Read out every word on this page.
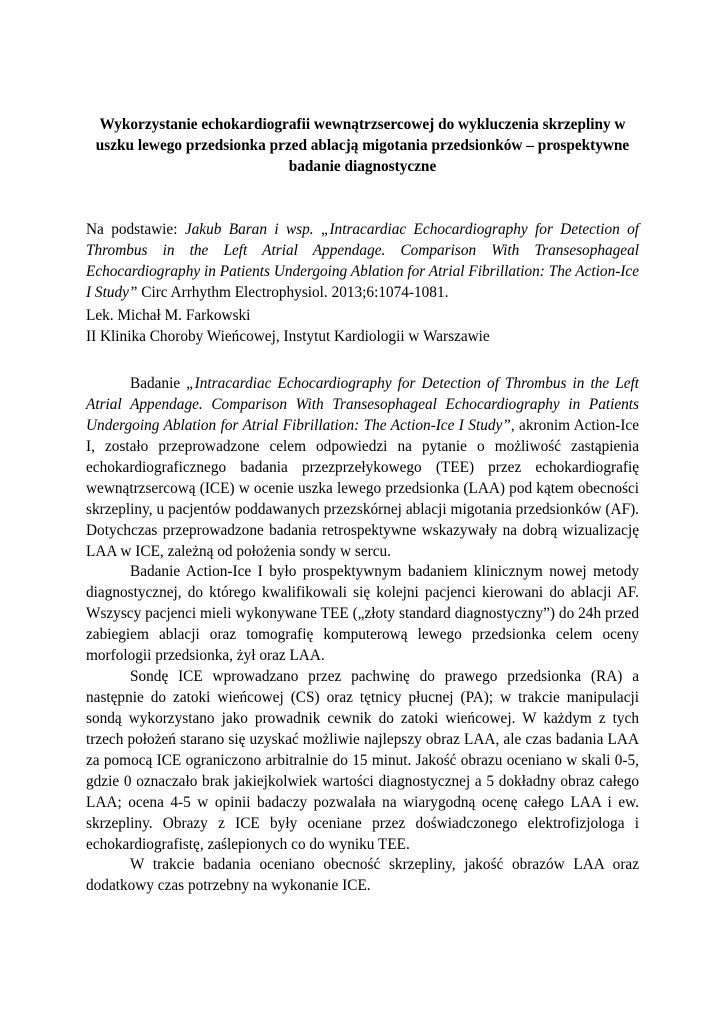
Wykorzystanie echokardiografii wewnątrzsercowej do wykluczenia skrzepliny w uszku lewego przedsionka przed ablacją migotania przedsionków – prospektywne badanie diagnostyczne

Na podstawie: Jakub Baran i wsp. „Intracardiac Echocardiography for Detection of Thrombus in the Left Atrial Appendage. Comparison With Transesophageal Echocardiography in Patients Undergoing Ablation for Atrial Fibrillation: The Action-Ice I Study” Circ Arrhythm Electrophysiol. 2013;6:1074-1081.

Lek. Michał M. Farkowski
II Klinika Choroby Wieńcowej, Instytut Kardiologii w Warszawie

Badanie „Intracardiac Echocardiography for Detection of Thrombus in the Left Atrial Appendage. Comparison With Transesophageal Echocardiography in Patients Undergoing Ablation for Atrial Fibrillation: The Action-Ice I Study”, akronim Action-Ice I, zostało przeprowadzone celem odpowiedzi na pytanie o możliwość zastąpienia echokardiograficznego badania przezprzełykowego (TEE) przez echokardiografię wewnątrzsercową (ICE) w ocenie uszka lewego przedsionka (LAA) pod kątem obecności skrzepliny, u pacjentów poddawanych przezskórnej ablacji migotania przedsionków (AF). Dotychczas przeprowadzone badania retrospektywne wskazywały na dobrą wizualizację LAA w ICE, zależną od położenia sondy w sercu.

Badanie Action-Ice I było prospektywnym badaniem klinicznym nowej metody diagnostycznej, do którego kwalifikowali się kolejni pacjenci kierowani do ablacji AF. Wszyscy pacjenci mieli wykonywane TEE („złoty standard diagnostyczny”) do 24h przed zabiegiem ablacji oraz tomografię komputerową lewego przedsionka celem oceny morfologii przedsionka, żył oraz LAA.

Sondę ICE wprowadzano przez pachwinę do prawego przedsionka (RA) a następnie do zatoki wieńcowej (CS) oraz tętnicy płucnej (PA); w trakcie manipulacji sondą wykorzystano jako prowadnik cewnik do zatoki wieńcowej. W każdym z tych trzech położeń starano się uzyskać możliwie najlepszy obraz LAA, ale czas badania LAA za pomocą ICE ograniczono arbitralnie do 15 minut. Jakość obrazu oceniano w skali 0-5, gdzie 0 oznaczało brak jakiejkolwiek wartości diagnostycznej a 5 dokładny obraz całego LAA; ocena 4-5 w opinii badaczy pozwalała na wiarygodną ocenę całego LAA i ew. skrzepliny. Obrazy z ICE były oceniane przez doświadczonego elektrofizjologa i echokardiografistę, zaślepionych co do wyniku TEE.

W trakcie badania oceniano obecność skrzepliny, jakość obrazów LAA oraz dodatkowy czas potrzebny na wykonanie ICE.
